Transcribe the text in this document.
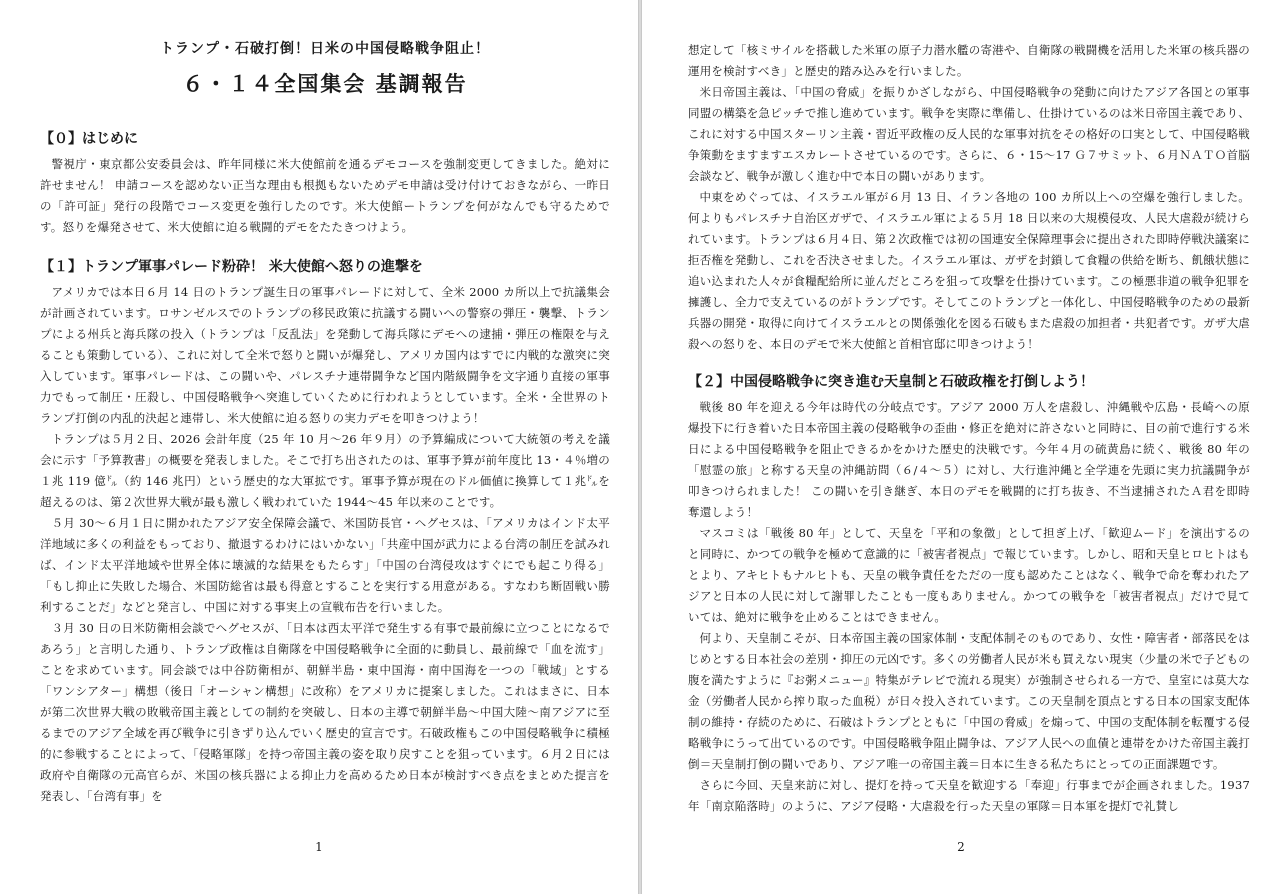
トランプ・石破打倒！日米の中国侵略戦争阻止！
６・１４全国集会 基調報告
【０】はじめに

警視庁・東京都公安委員会は、昨年同様に米大使館前を通るデモコースを強制変更してきました。絶対に許せません！ 申請コースを認めない正当な理由も根拠もないためデモ申請は受け付けておきながら、一昨日の「許可証」発行の段階でコース変更を強行したのです。米大使館ートランプを何がなんでも守るためです。怒りを爆発させて、米大使館に迫る戦闘的デモをたたきつけよう。

【１】トランプ軍事パレード粉砕！ 米大使館へ怒りの進撃を

アメリカでは本日６月 14 日のトランプ誕生日の軍事パレードに対して、全米 2000 カ所以上で抗議集会が計画されています。ロサンゼルスでのトランプの移民政策に抗議する闘いへの警察の弾圧・襲撃、トランプによる州兵と海兵隊の投入（トランプは「反乱法」を発動して海兵隊にデモへの逮捕・弾圧の権限を与えることも策動している）、これに対して全米で怒りと闘いが爆発し、アメリカ国内はすでに内戦的な激突に突入しています。軍事パレードは、この闘いや、パレスチナ連帯闘争など国内階級闘争を文字通り直接の軍事力でもって制圧・圧殺し、中国侵略戦争へ突進していくために行われようとしています。全米・全世界のトランプ打倒の内乱的決起と連帯し、米大使館に迫る怒りの実力デモを叩きつけよう！

トランプは５月２日、2026 会計年度（25 年 10 月〜26 年９月）の予算編成について大統領の考えを議会に示す「予算教書」の概要を発表しました。そこで打ち出されたのは、軍事予算が前年度比 13・４％増の１兆 119 億㌦（約 146 兆円）という歴史的な大軍拡です。軍事予算が現在のドル価値に換算して１兆㌦を超えるのは、第２次世界大戦が最も激しく戦われていた 1944〜45 年以来のことです。

５月 30〜６月１日に開かれたアジア安全保障会議で、米国防長官・ヘグセスは、「アメリカはインド太平洋地域に多くの利益をもっており、撤退するわけにはいかない」「共産中国が武力による台湾の制圧を試みれば、インド太平洋地域や世界全体に壊滅的な結果をもたらす」「中国の台湾侵攻はすぐにでも起こり得る」「もし抑止に失敗した場合、米国防総省は最も得意とすることを実行する用意がある。すなわち断固戦い勝利することだ」などと発言し、中国に対する事実上の宣戦布告を行いました。

３月 30 日の日米防衛相会談でヘグセスが、「日本は西太平洋で発生する有事で最前線に立つことになるであろう」と言明した通り、トランプ政権は自衛隊を中国侵略戦争に全面的に動員し、最前線で「血を流す」ことを求めています。同会談では中谷防衛相が、朝鮮半島・東中国海・南中国海を一つの「戦域」とする「ワンシアター」構想（後日「オーシャン構想」に改称）をアメリカに提案しました。これはまさに、日本が第二次世界大戦の敗戦帝国主義としての制約を突破し、日本の主導で朝鮮半島〜中国大陸〜南アジアに至るまでのアジア全域を再び戦争に引きずり込んでいく歴史的宣言です。石破政権もこの中国侵略戦争に積極的に参戦することによって、「侵略軍隊」を持つ帝国主義の姿を取り戻すことを狙っています。６月２日には政府や自衛隊の元高官らが、米国の核兵器による抑止力を高めるため日本が検討すべき点をまとめた提言を発表し、「台湾有事」を

1

想定して「核ミサイルを搭載した米軍の原子力潜水艦の寄港や、自衛隊の戦闘機を活用した米軍の核兵器の運用を検討すべき」と歴史的踏み込みを行いました。

米日帝国主義は、「中国の脅威」を振りかざしながら、中国侵略戦争の発動に向けたアジア各国との軍事同盟の構築を急ピッチで推し進めています。戦争を実際に準備し、仕掛けているのは米日帝国主義であり、これに対する中国スターリン主義・習近平政権の反人民的な軍事対抗をその格好の口実として、中国侵略戦争策動をますますエスカレートさせているのです。さらに、６・15〜17 Ｇ７サミット、６月ＮＡＴＯ首脳会談など、戦争が激しく進む中で本日の闘いがあります。

中東をめぐっては、イスラエル軍が６月 13 日、イラン各地の 100 カ所以上への空爆を強行しました。何よりもパレスチナ自治区ガザで、イスラエル軍による５月 18 日以来の大規模侵攻、人民大虐殺が続けられています。トランプは６月４日、第２次政権では初の国連安全保障理事会に提出された即時停戦決議案に拒否権を発動し、これを否決させました。イスラエル軍は、ガザを封鎖して食糧の供給を断ち、飢餓状態に追い込まれた人々が食糧配給所に並んだところを狙って攻撃を仕掛けています。この極悪非道の戦争犯罪を擁護し、全力で支えているのがトランプです。そしてこのトランプと一体化し、中国侵略戦争のための最新兵器の開発・取得に向けてイスラエルとの関係強化を図る石破もまた虐殺の加担者・共犯者です。ガザ大虐殺への怒りを、本日のデモで米大使館と首相官邸に叩きつけよう！

【２】中国侵略戦争に突き進む天皇制と石破政権を打倒しよう！

戦後 80 年を迎える今年は時代の分岐点です。アジア 2000 万人を虐殺し、沖縄戦や広島・長崎への原爆投下に行き着いた日本帝国主義の侵略戦争の歪曲・修正を絶対に許さないと同時に、目の前で進行する米日による中国侵略戦争を阻止できるかをかけた歴史的決戦です。今年４月の硫黄島に続く、戦後 80 年の「慰霊の旅」と称する天皇の沖縄訪問（６/４〜５）に対し、大行進沖縄と全学連を先頭に実力抗議闘争が叩きつけられました！ この闘いを引き継ぎ、本日のデモを戦闘的に打ち抜き、不当逮捕されたＡ君を即時奪還しよう！

マスコミは「戦後 80 年」として、天皇を「平和の象徴」として担ぎ上げ、「歓迎ムード」を演出するのと同時に、かつての戦争を極めて意識的に「被害者視点」で報じています。しかし、昭和天皇ヒロヒトはもとより、アキヒトもナルヒトも、天皇の戦争責任をただの一度も認めたことはなく、戦争で命を奪われたアジアと日本の人民に対して謝罪したことも一度もありません。かつての戦争を「被害者視点」だけで見ていては、絶対に戦争を止めることはできません。

何より、天皇制こそが、日本帝国主義の国家体制・支配体制そのものであり、女性・障害者・部落民をはじめとする日本社会の差別・抑圧の元凶です。多くの労働者人民が米も買えない現実（少量の米で子どもの腹を満たすように『お粥メニュー』特集がテレビで流れる現実）が強制させられる一方で、皇室には莫大な金（労働者人民から搾り取った血税）が日々投入されています。この天皇制を頂点とする日本の国家支配体制の維持・存続のために、石破はトランプとともに「中国の脅威」を煽って、中国の支配体制を転覆する侵略戦争にうって出ているのです。中国侵略戦争阻止闘争は、アジア人民への血債と連帯をかけた帝国主義打倒＝天皇制打倒の闘いであり、アジア唯一の帝国主義＝日本に生きる私たちにとっての正面課題です。

さらに今回、天皇来訪に対し、提灯を持って天皇を歓迎する「奉迎」行事までが企画されました。1937 年「南京陥落時」のように、アジア侵略・大虐殺を行った天皇の軍隊＝日本軍を提灯で礼賛し

2
